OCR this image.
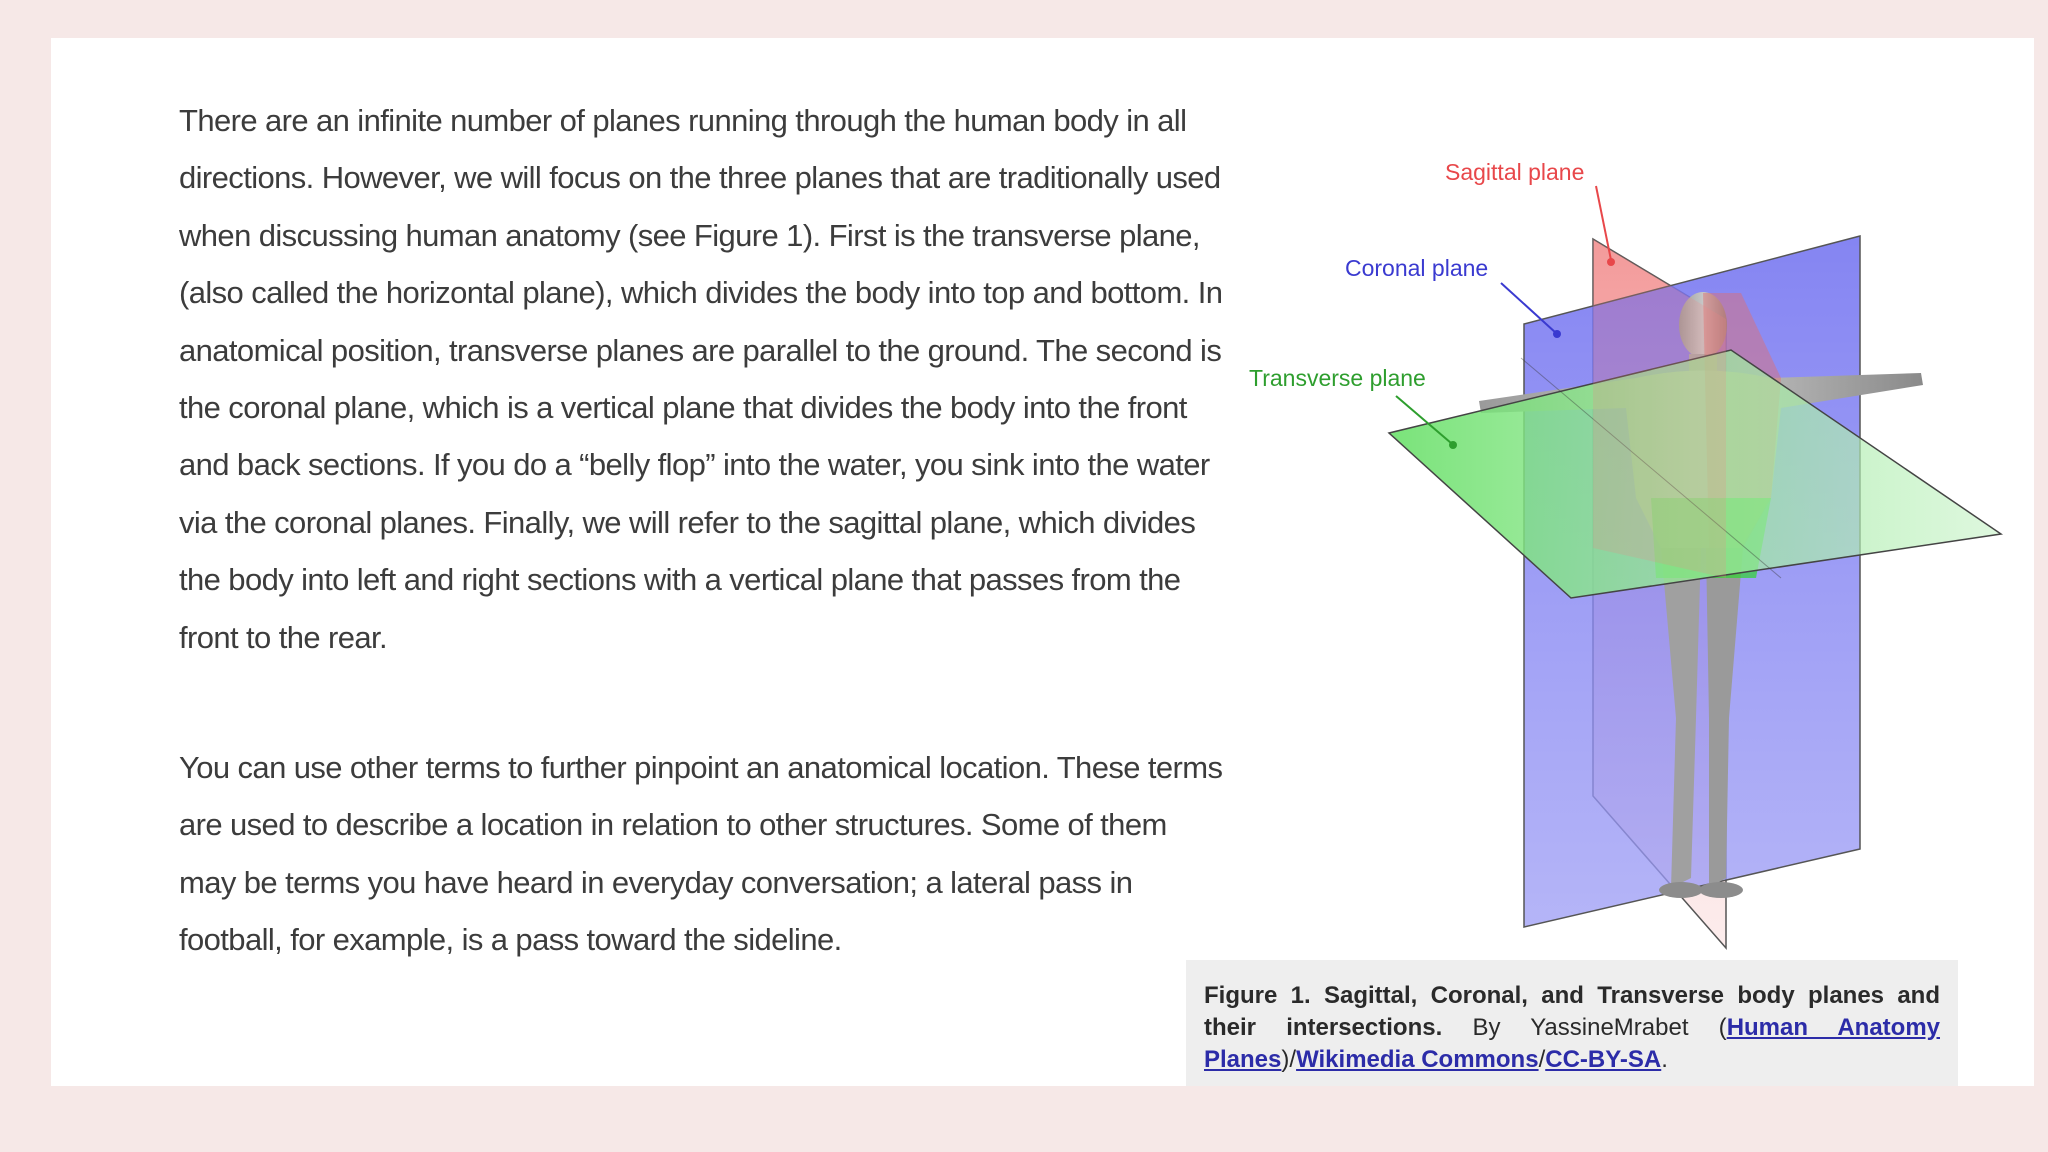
There are an infinite number of planes running through the human body in all directions. However, we will focus on the three planes that are traditionally used when discussing human anatomy (see Figure 1). First is the transverse plane, (also called the horizontal plane), which divides the body into top and bottom. In anatomical position, transverse planes are parallel to the ground. The second is the coronal plane, which is a vertical plane that divides the body into the front and back sections. If you do a “belly flop” into the water, you sink into the water via the coronal planes. Finally, we will refer to the sagittal plane, which divides the body into left and right sections with a vertical plane that passes from the front to the rear.

You can use other terms to further pinpoint an anatomical location. These terms are used to describe a location in relation to other structures. Some of them may be terms you have heard in everyday conversation; a lateral pass in football, for example, is a pass toward the sideline.

Sagittal plane
Coronal plane
Transverse plane
Figure 1. Sagittal, Coronal, and Transverse body planes and their intersections. By YassineMrabet (Human Anatomy Planes)/Wikimedia Commons/CC-BY-SA.
